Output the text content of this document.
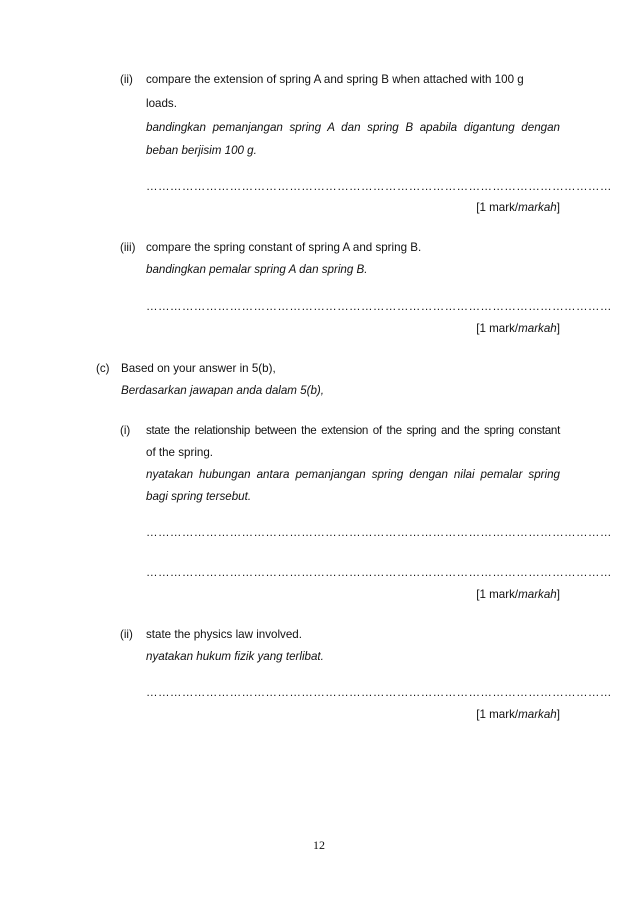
(ii) compare the extension of spring A and spring B when attached with 100 g
loads.
bandingkan pemanjangan spring A dan spring B apabila digantung dengan
beban berjisim 100 g.
………………………………………………………………………………………………………
[1 mark/markah]
(iii) compare the spring constant of spring A and spring B.
bandingkan pemalar spring A dan spring B.
………………………………………………………………………………………………………
[1 mark/markah]
(c) Based on your answer in 5(b),
Berdasarkan jawapan anda dalam 5(b),
(i) state the relationship between the extension of the spring and the spring constant
of the spring.
nyatakan hubungan antara pemanjangan spring dengan nilai pemalar spring
bagi spring tersebut.
………………………………………………………………………………………………………
………………………………………………………………………………………………………
[1 mark/markah]
(ii) state the physics law involved.
nyatakan hukum fizik yang terlibat.
………………………………………………………………………………………………………
[1 mark/markah]
12
